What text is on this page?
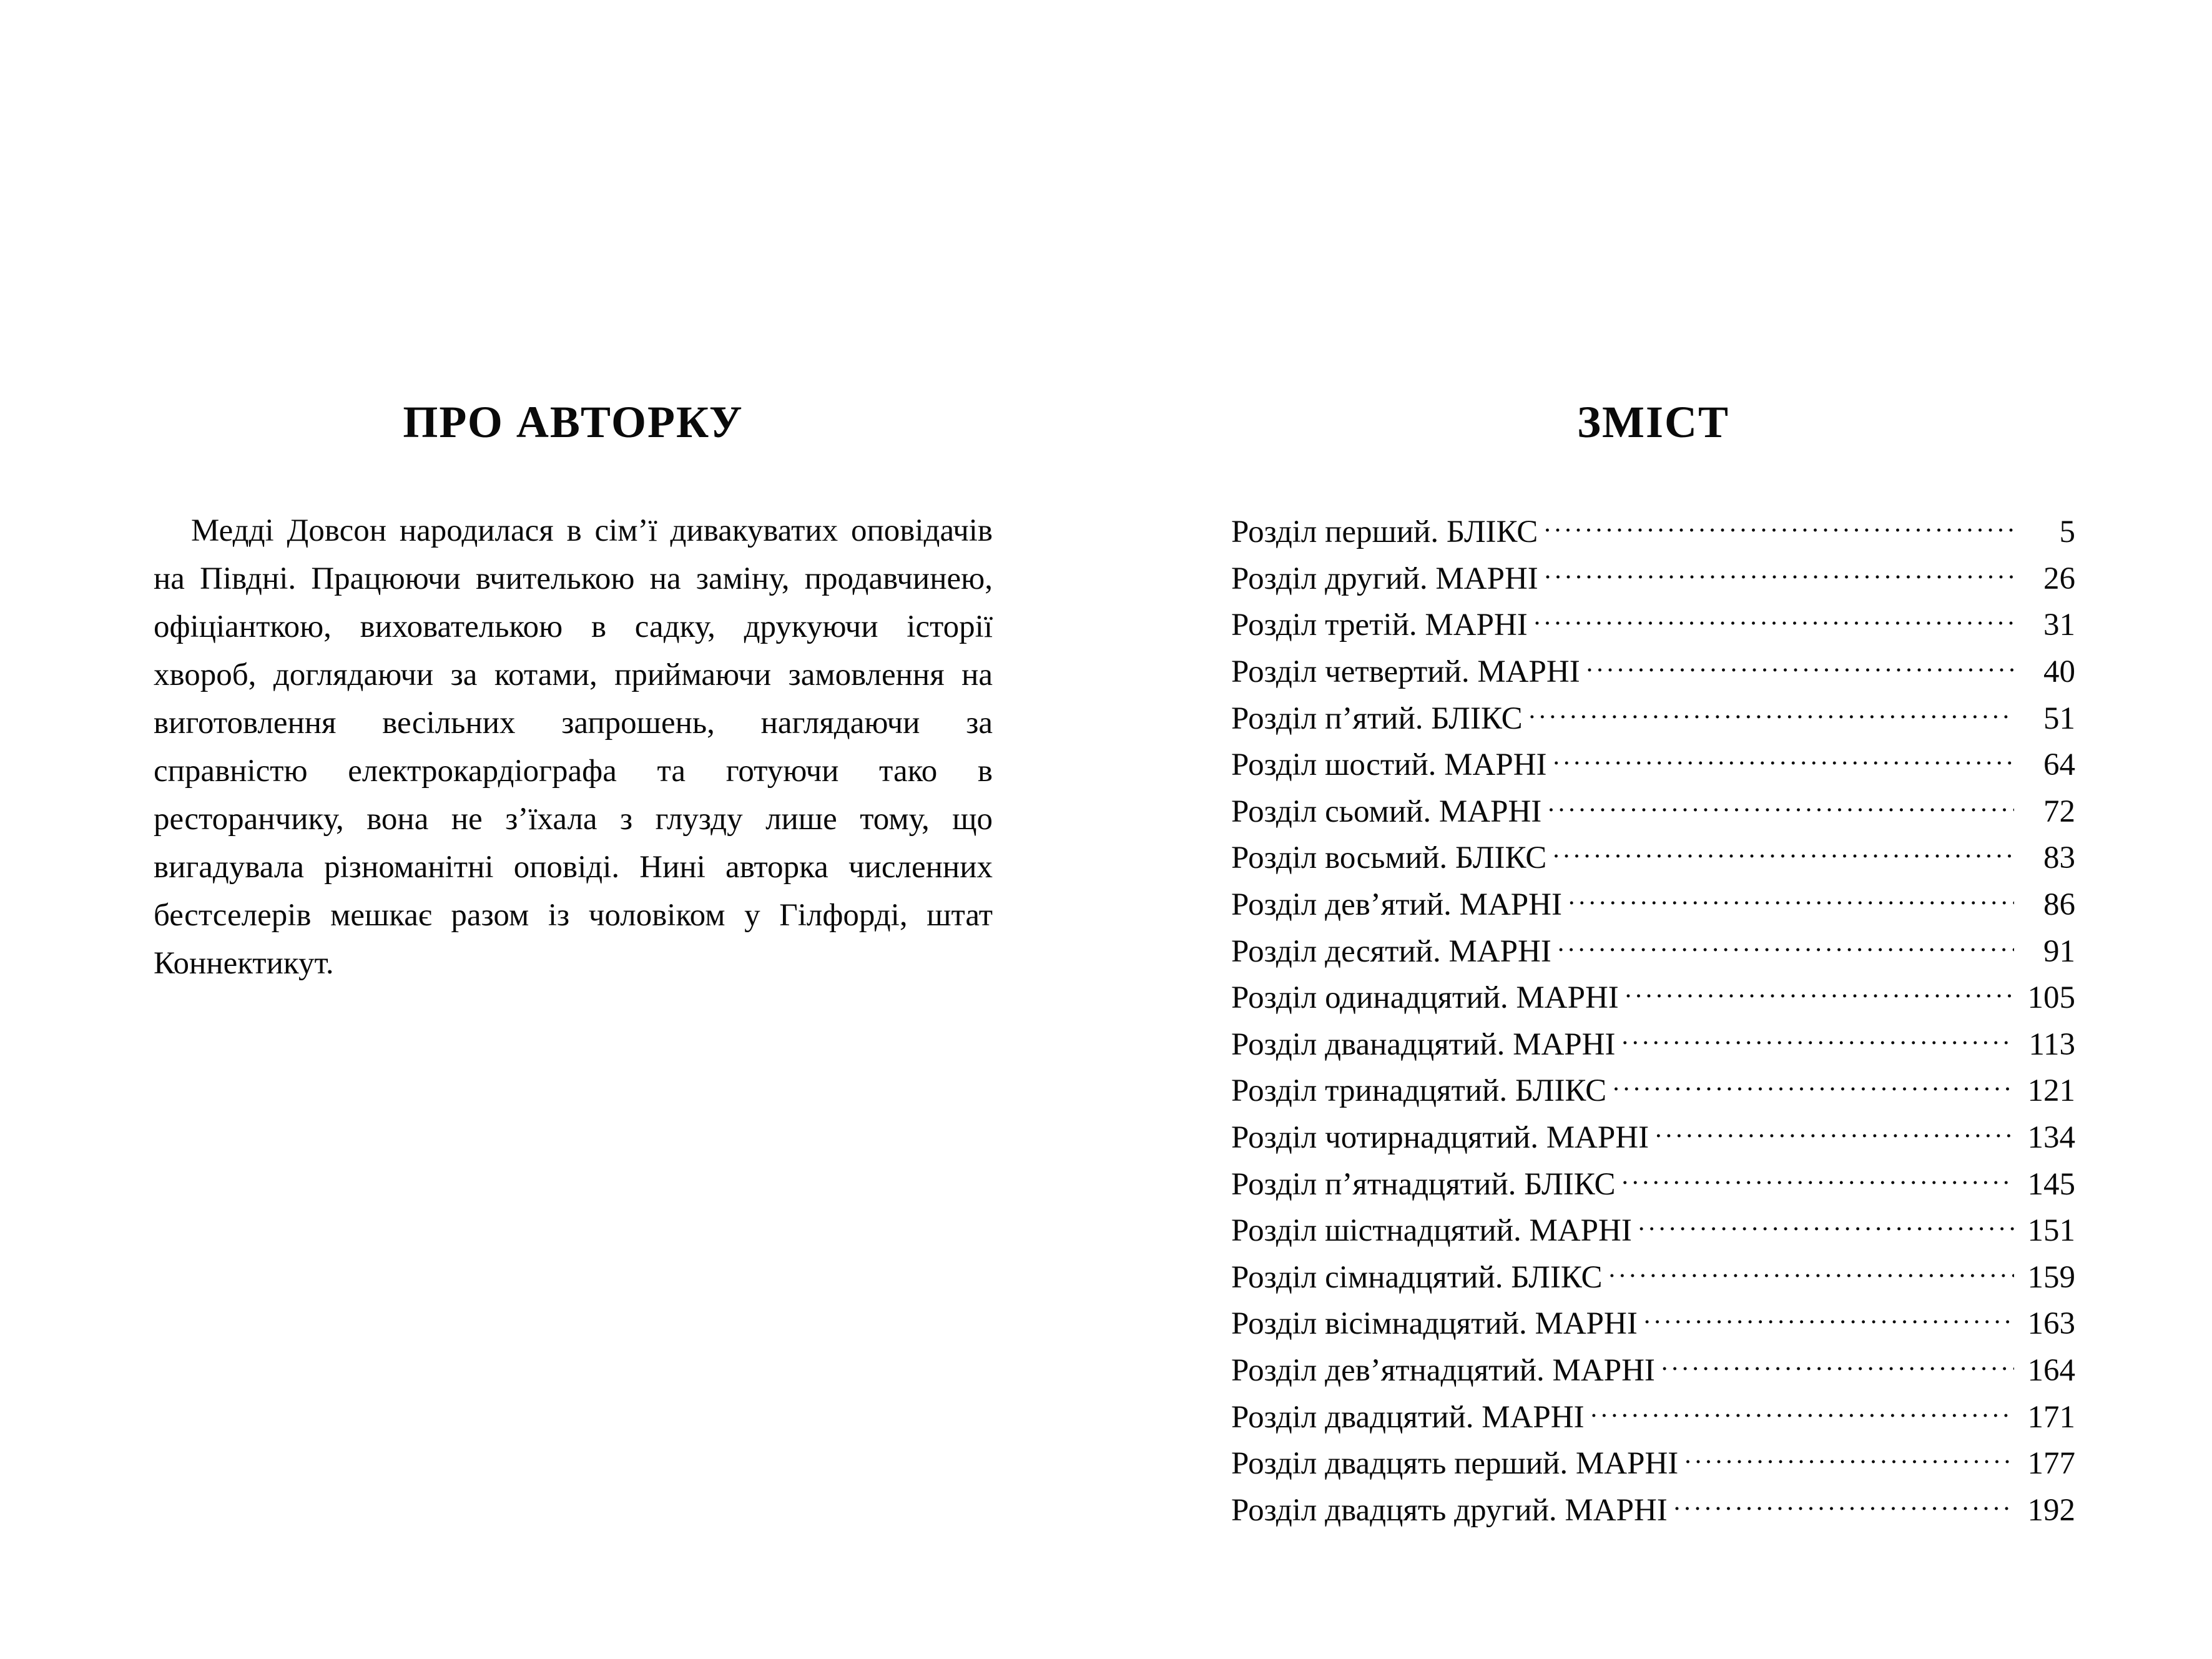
ПРО АВТОРКУ

Медді Довсон народилася в сім’ї дивакуватих оповідачів на Півдні. Працюючи вчителькою на заміну, продавчинею, офіціанткою, вихователькою в садку, друкуючи історії хвороб, доглядаючи за котами, приймаючи замовлення на виготовлення весільних запрошень, наглядаючи за справністю електрокардіографа та готуючи тако в ресторанчику, вона не з’їхала з глузду лише тому, що вигадувала різноманітні оповіді. Нині авторка численних бестселерів мешкає разом із чоловіком у Гілфорді, штат Коннектикут.

ЗМІСТ
Розділ перший. БЛІКС .....	5
Розділ другий. МАРНІ .....	26
Розділ третій. МАРНІ .....	31
Розділ четвертий. МАРНІ .....	40
Розділ п’ятий. БЛІКС .....	51
Розділ шостий. МАРНІ .....	64
Розділ сьомий. МАРНІ .....	72
Розділ восьмий. БЛІКС .....	83
Розділ дев’ятий. МАРНІ .....	86
Розділ десятий. МАРНІ .....	91
Розділ одинадцятий. МАРНІ .....	105
Розділ дванадцятий. МАРНІ .....	113
Розділ тринадцятий. БЛІКС .....	121
Розділ чотирнадцятий. МАРНІ .....	134
Розділ п’ятнадцятий. БЛІКС .....	145
Розділ шістнадцятий. МАРНІ .....	151
Розділ сімнадцятий. БЛІКС .....	159
Розділ вісімнадцятий. МАРНІ .....	163
Розділ дев’ятнадцятий. МАРНІ .....	164
Розділ двадцятий. МАРНІ .....	171
Розділ двадцять перший. МАРНІ .....	177
Розділ двадцять другий. МАРНІ .....	192
